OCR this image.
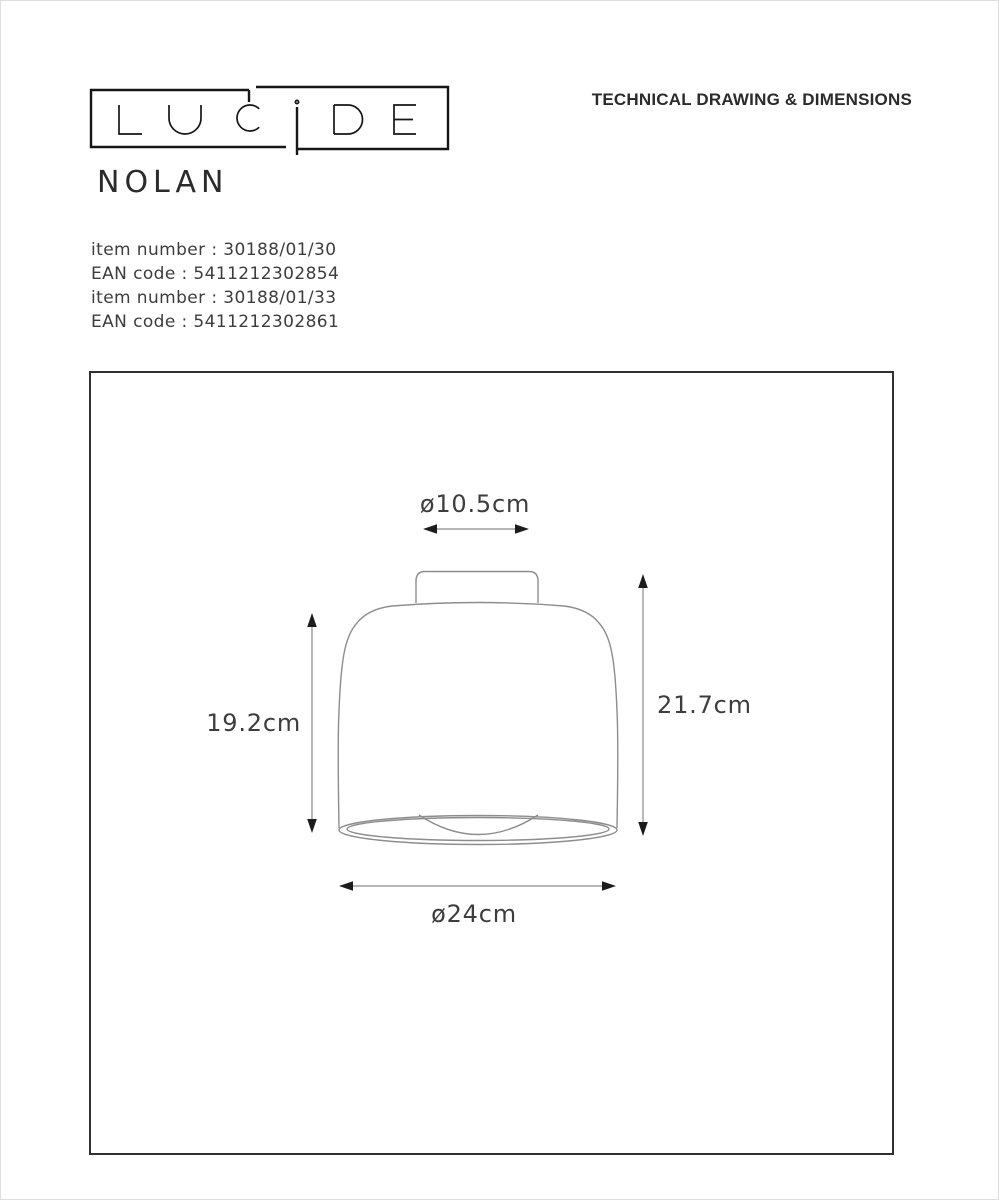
TECHNICAL DRAWING & DIMENSIONS
NOLAN
item number : 30188/01/30
EAN code : 5411212302854
item number : 30188/01/33
EAN code : 5411212302861
ø10.5cm
19.2cm
21.7cm
ø24cm
